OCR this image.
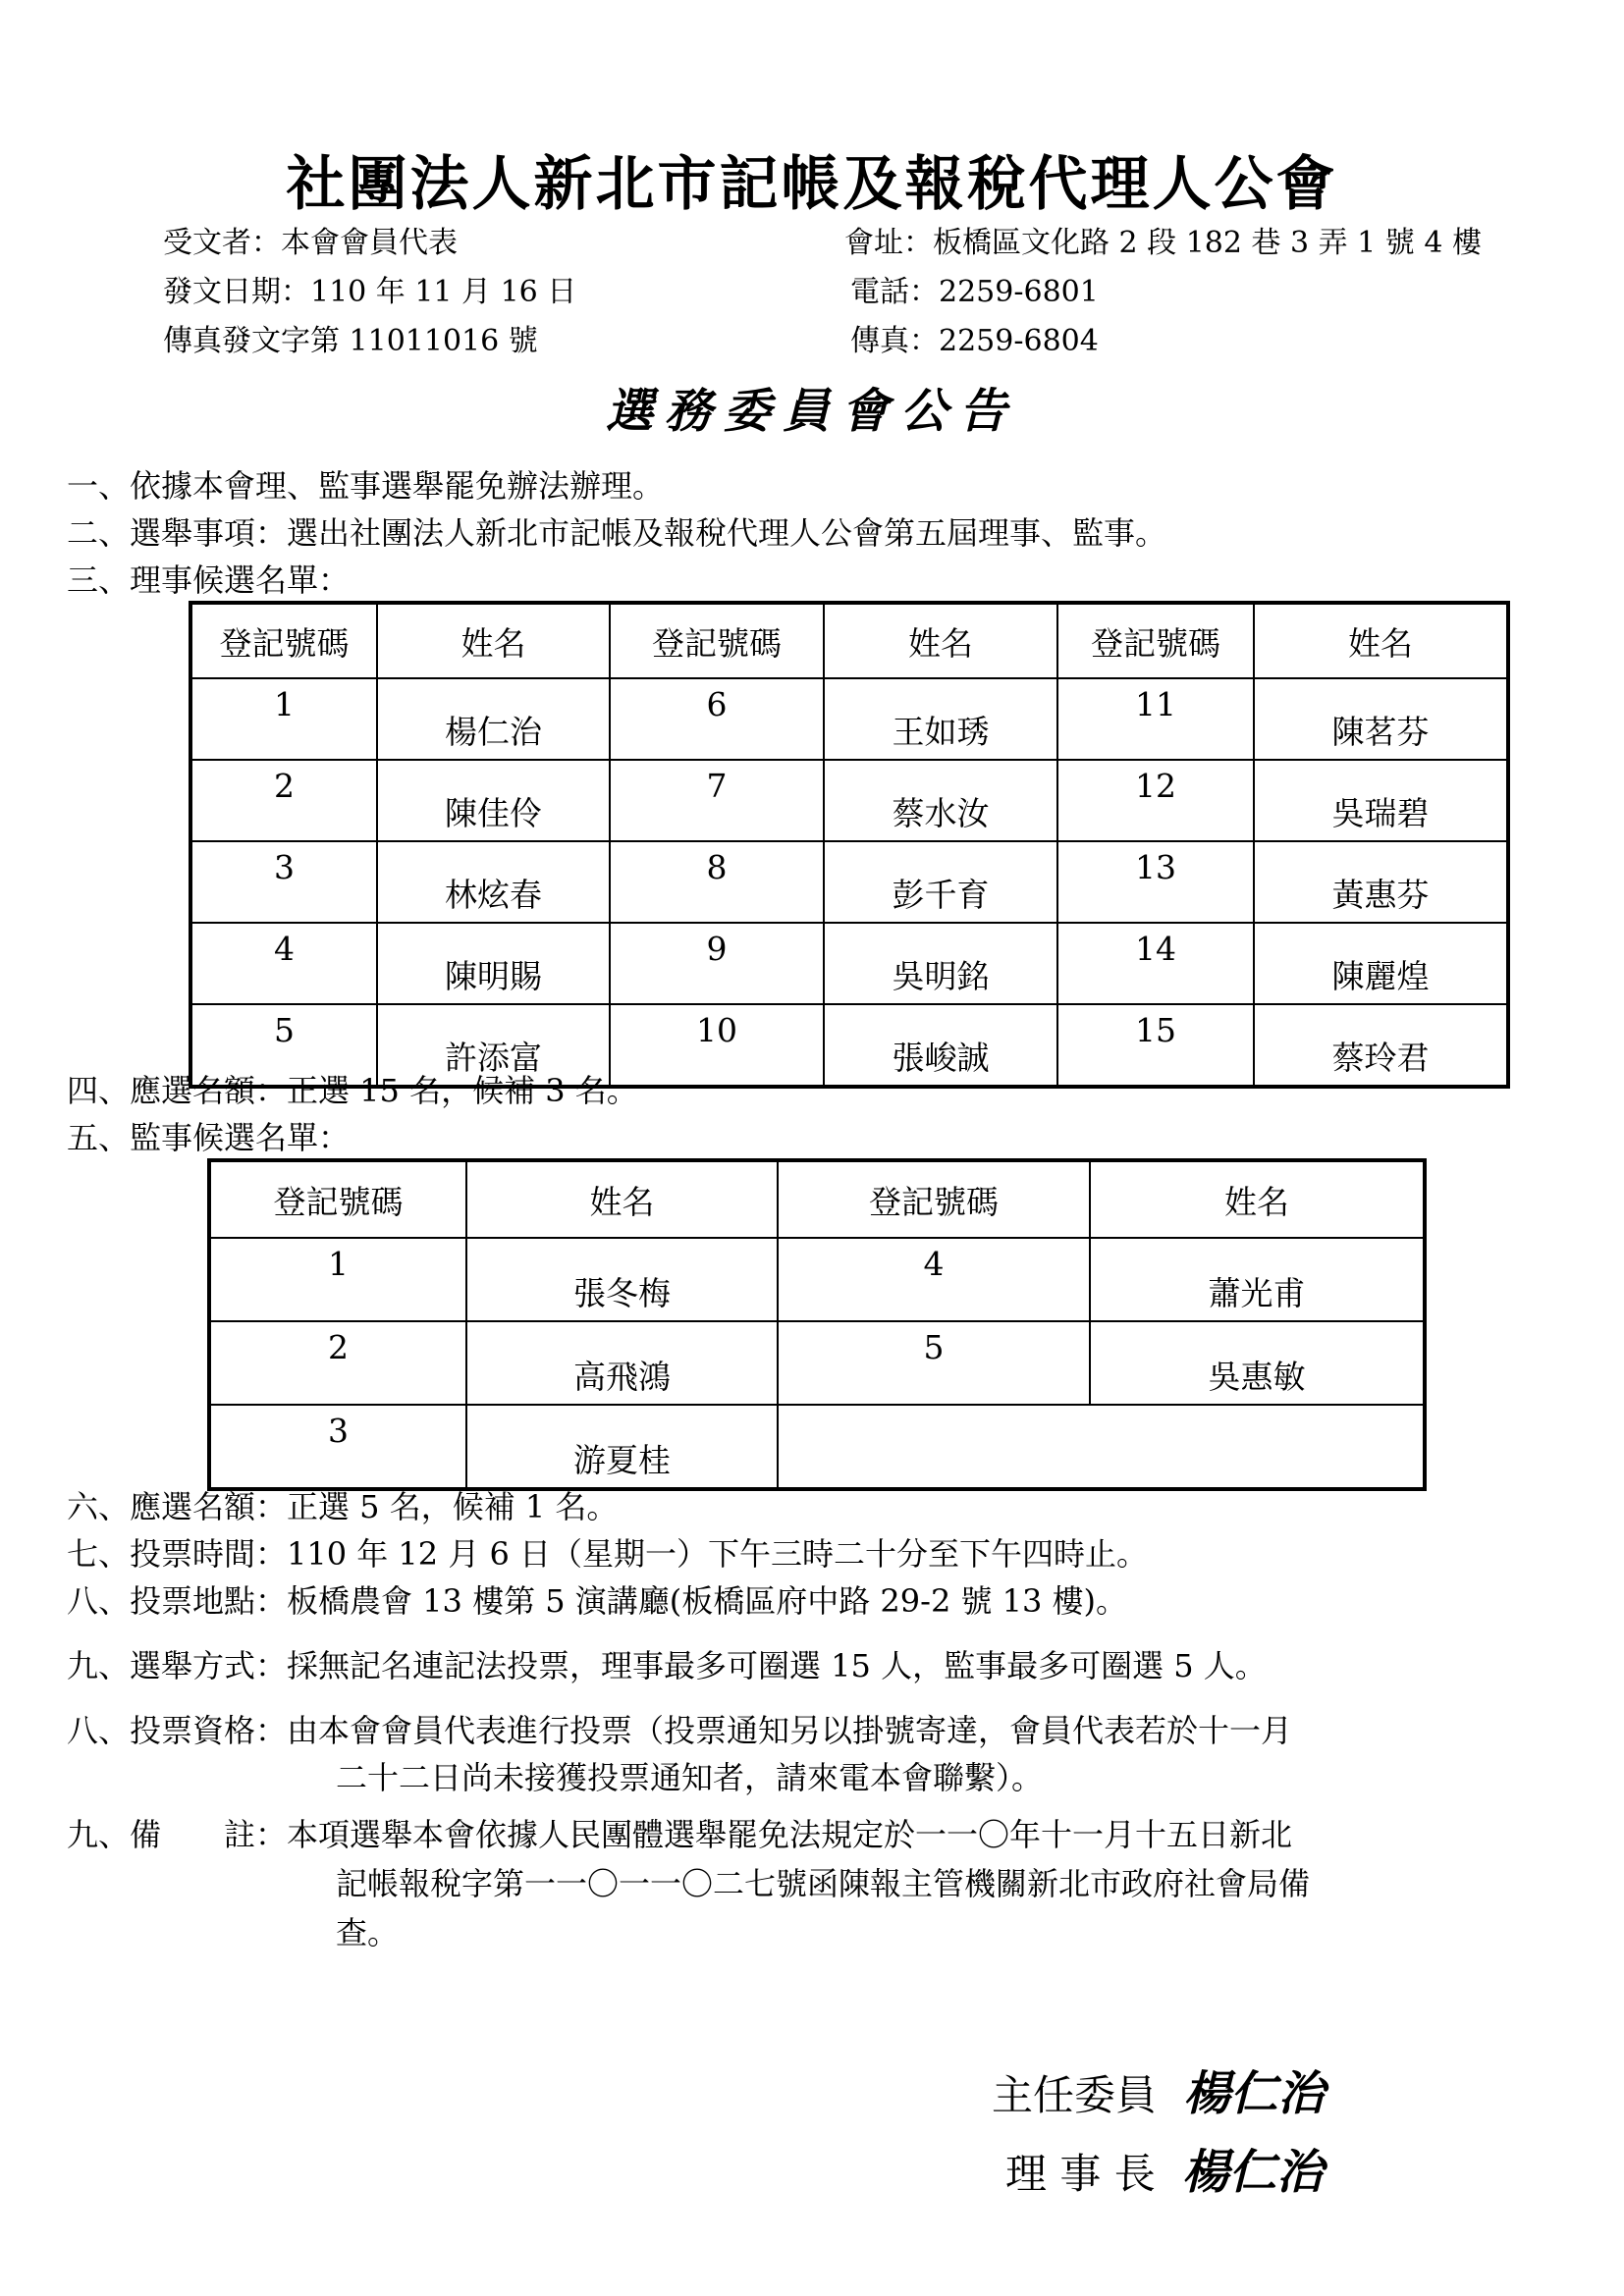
社團法人新北市記帳及報稅代理人公會
受文者：本會會員代表
發文日期：110 年 11 月 16 日
傳真發文字第 11011016 號
會址：板橋區文化路 2 段 182 巷 3 弄 1 號 4 樓
電話：2259-6801
傳真：2259-6804
選務委員會公告
一、依據本會理、監事選舉罷免辦法辦理。
二、選舉事項：選出社團法人新北市記帳及報稅代理人公會第五屆理事、監事。
三、理事候選名單：
登記號碼	姓名	登記號碼	姓名	登記號碼	姓名
1	楊仁治	6	王如琇	11	陳茗芬
2	陳佳伶	7	蔡水汝	12	吳瑞碧
3	林炫春	8	彭千育	13	黃惠芬
4	陳明賜	9	吳明銘	14	陳麗煌
5	許添富	10	張峻誠	15	蔡玲君
四、應選名額：正選 15 名，候補 3 名。
五、監事候選名單：
登記號碼	姓名	登記號碼	姓名
1	張冬梅	4	蕭光甫
2	高飛鴻	5	吳惠敏
3	游夏桂		
六、應選名額：正選 5 名，候補 1 名。
七、投票時間：110 年 12 月 6 日（星期一）下午三時二十分至下午四時止。
八、投票地點：板橋農會 13 樓第 5 演講廳(板橋區府中路 29-2 號 13 樓)。
九、選舉方式：採無記名連記法投票，理事最多可圈選 15 人，監事最多可圈選 5 人。
八、投票資格：由本會會員代表進行投票（投票通知另以掛號寄達，會員代表若於十一月
二十二日尚未接獲投票通知者，請來電本會聯繫）。
九、備　　註：本項選舉本會依據人民團體選舉罷免法規定於一一〇年十一月十五日新北
記帳報稅字第一一〇一一〇二七號函陳報主管機關新北市政府社會局備
查。
主任委員 楊仁治
理 事 長 楊仁治
